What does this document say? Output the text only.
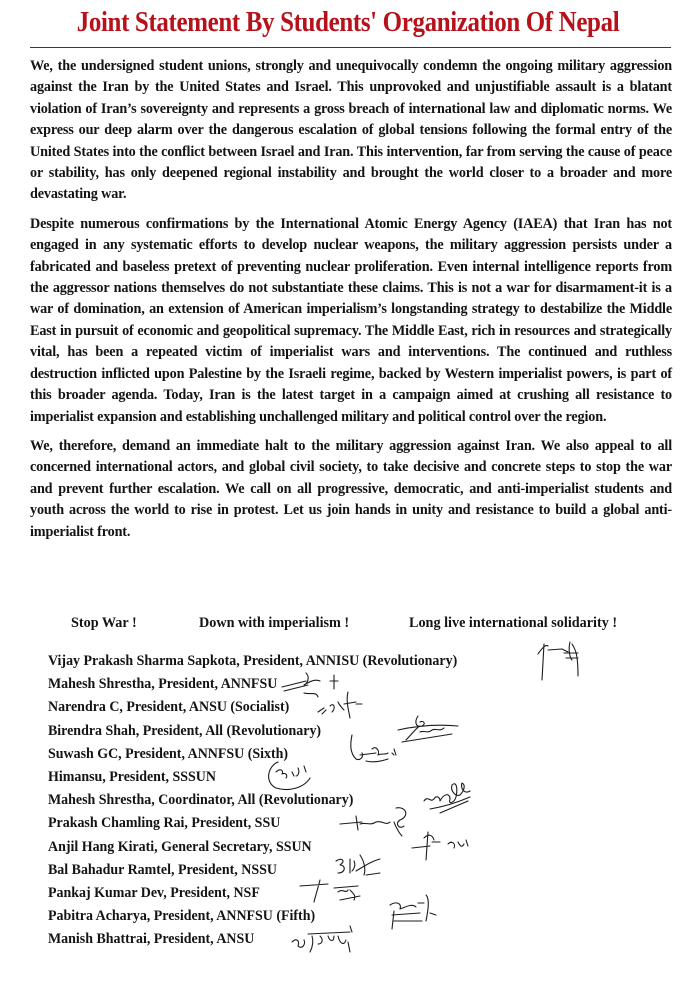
Joint Statement By Students' Organization Of Nepal

We, the undersigned student unions, strongly and unequivocally condemn the ongoing military aggression against the Iran by the United States and Israel. This unprovoked and unjustifiable assault is a blatant violation of Iran’s sovereignty and represents a gross breach of international law and diplomatic norms. We express our deep alarm over the dangerous escalation of global tensions following the formal entry of the United States into the conflict between Israel and Iran. This intervention, far from serving the cause of peace or stability, has only deepened regional instability and brought the world closer to a broader and more devastating war.

Despite numerous confirmations by the International Atomic Energy Agency (IAEA) that Iran has not engaged in any systematic efforts to develop nuclear weapons, the military aggression persists under a fabricated and baseless pretext of preventing nuclear proliferation. Even internal intelligence reports from the aggressor nations themselves do not substantiate these claims. This is not a war for disarmament-it is a war of domination, an extension of American imperialism’s longstanding strategy to destabilize the Middle East in pursuit of economic and geopolitical supremacy. The Middle East, rich in resources and strategically vital, has been a repeated victim of imperialist wars and interventions. The continued and ruthless destruction inflicted upon Palestine by the Israeli regime, backed by Western imperialist powers, is part of this broader agenda. Today, Iran is the latest target in a campaign aimed at crushing all resistance to imperialist expansion and establishing unchallenged military and political control over the region.

We, therefore, demand an immediate halt to the military aggression against Iran. We also appeal to all concerned international actors, and global civil society, to take decisive and concrete steps to stop the war and prevent further escalation. We call on all progressive, democratic, and anti-imperialist students and youth across the world to rise in protest. Let us join hands in unity and resistance to build a global anti-imperialist front.

Stop War !	Down with imperialism !	Long live international solidarity !
Vijay Prakash Sharma Sapkota, President, ANNISU (Revolutionary)
Mahesh Shrestha, President, ANNFSU
Narendra C, President, ANSU (Socialist)
Birendra Shah, President, All (Revolutionary)
Suwash GC, President, ANNFSU (Sixth)
Himansu, President, SSSUN
Mahesh Shrestha, Coordinator, All (Revolutionary)
Prakash Chamling Rai, President, SSU
Anjil Hang Kirati, General Secretary, SSUN
Bal Bahadur Ramtel, President, NSSU
Pankaj Kumar Dev, President, NSF
Pabitra Acharya, President, ANNFSU (Fifth)
Manish Bhattrai, President, ANSU
